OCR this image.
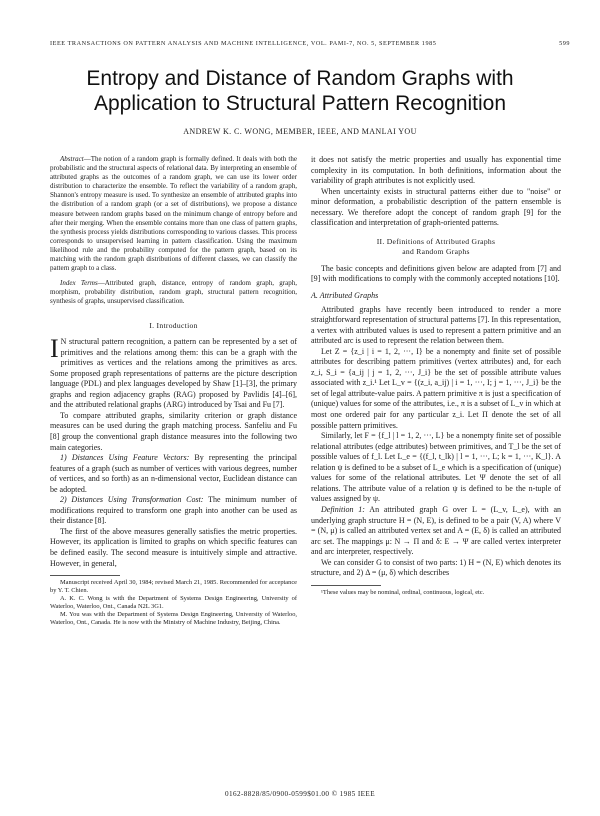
IEEE TRANSACTIONS ON PATTERN ANALYSIS AND MACHINE INTELLIGENCE, VOL. PAMI-7, NO. 5, SEPTEMBER 1985	599
Entropy and Distance of Random Graphs with
Application to Structural Pattern Recognition
ANDREW K. C. WONG, MEMBER, IEEE, AND MANLAI YOU

Abstract—The notion of a random graph is formally defined. It deals with both the probabilistic and the structural aspects of relational data. By interpreting an ensemble of attributed graphs as the outcomes of a random graph, we can use its lower order distribution to characterize the ensemble. To reflect the variability of a random graph, Shannon's entropy measure is used. To synthesize an ensemble of attributed graphs into the distribution of a random graph (or a set of distributions), we propose a distance measure between random graphs based on the minimum change of entropy before and after their merging. When the ensemble contains more than one class of pattern graphs, the synthesis process yields distributions corresponding to various classes. This process corresponds to unsupervised learning in pattern classification. Using the maximum likelihood rule and the probability computed for the pattern graph, based on its matching with the random graph distributions of different classes, we can classify the pattern graph to a class.

Index Terms—Attributed graph, distance, entropy of random graph, graph, morphism, probability distribution, random graph, structural pattern recognition, synthesis of graphs, unsupervised classification.

I. Introduction

I N structural pattern recognition, a pattern can be represented by a set of primitives and the relations among them: this can be a graph with the primitives as vertices and the relations among the primitives as arcs. Some proposed graph representations of patterns are the picture description language (PDL) and plex languages developed by Shaw [1]–[3], the primary graphs and region adjacency graphs (RAG) proposed by Pavlidis [4]–[6], and the attributed relational graphs (ARG) introduced by Tsai and Fu [7].

To compare attributed graphs, similarity criterion or graph distance measures can be used during the graph matching process. Sanfeliu and Fu [8] group the conventional graph distance measures into the following two main categories.

1) Distances Using Feature Vectors: By representing the principal features of a graph (such as number of vertices with various degrees, number of vertices, and so forth) as an n-dimensional vector, Euclidean distance can be adopted.

2) Distances Using Transformation Cost: The minimum number of modifications required to transform one graph into another can be used as their distance [8].

The first of the above measures generally satisfies the metric properties. However, its application is limited to graphs on which specific features can be defined easily. The second measure is intuitively simple and attractive. However, in general,

Manuscript received April 30, 1984; revised March 21, 1985. Recommended for acceptance by Y. T. Chien.

A. K. C. Wong is with the Department of Systems Design Engineering, University of Waterloo, Waterloo, Ont., Canada N2L 3G1.

M. You was with the Department of Systems Design Engineering, University of Waterloo, Waterloo, Ont., Canada. He is now with the Ministry of Machine Industry, Beijing, China.

it does not satisfy the metric properties and usually has exponential time complexity in its computation. In both definitions, information about the variability of graph attributes is not explicitly used.

When uncertainty exists in structural patterns either due to "noise" or minor deformation, a probabilistic description of the pattern ensemble is necessary. We therefore adopt the concept of random graph [9] for the classification and interpretation of graph-oriented patterns.

II. Definitions of Attributed Graphs
and Random Graphs

The basic concepts and definitions given below are adapted from [7] and [9] with modifications to comply with the commonly accepted notations [10].

A. Attributed Graphs

Attributed graphs have recently been introduced to render a more straightforward representation of structural patterns [7]. In this representation, a vertex with attributed values is used to represent a pattern primitive and an attributed arc is used to represent the relation between them.

Let Z = {z_i | i = 1, 2, ···, I} be a nonempty and finite set of possible attributes for describing pattern primitives (vertex attributes) and, for each z_i, S_i = {a_ij | j = 1, 2, ···, J_i} be the set of possible attribute values associated with z_i.¹ Let L_v = {(z_i, a_ij) | i = 1, ···, I; j = 1, ···, J_i} be the set of legal attribute-value pairs. A pattern primitive π is just a specification of (unique) values for some of the attributes, i.e., π is a subset of L_v in which at most one ordered pair for any particular z_i. Let Π denote the set of all possible pattern primitives.

Similarly, let F = {f_l | l = 1, 2, ···, L} be a nonempty finite set of possible relational attributes (edge attributes) between primitives, and T_l be the set of possible values of f_l. Let L_e = {(f_l, t_lk) | l = 1, ···, L; k = 1, ···, K_l}. A relation ψ is defined to be a subset of L_e which is a specification of (unique) values for some of the relational attributes. Let Ψ denote the set of all relations. The attribute value of a relation ψ is defined to be the n-tuple of values assigned by ψ.

Definition 1: An attributed graph G over L = (L_v, L_e), with an underlying graph structure H = (N, E), is defined to be a pair (V, A) where V = (N, μ) is called an attributed vertex set and A = (E, δ) is called an attributed arc set. The mappings μ: N → Π and δ: E → Ψ are called vertex interpreter and arc interpreter, respectively.

We can consider G to consist of two parts: 1) H = (N, E) which denotes its structure, and 2) Δ = (μ, δ) which describes

¹These values may be nominal, ordinal, continuous, logical, etc.

0162-8828/85/0900-0599$01.00 © 1985 IEEE
